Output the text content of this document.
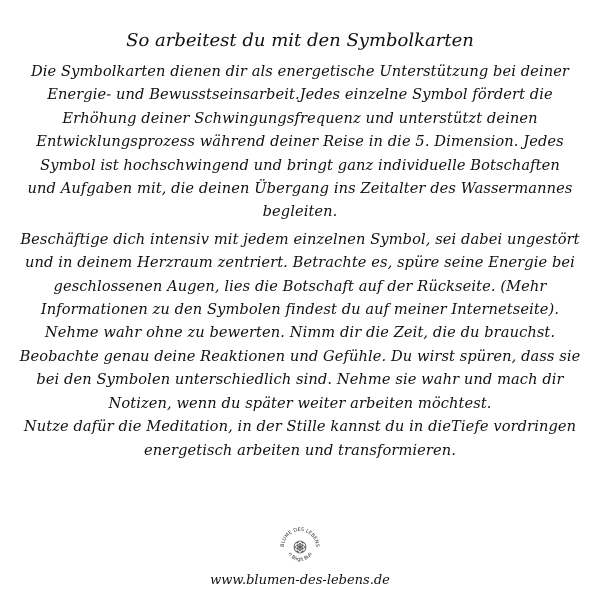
So arbeitest du mit den Symbolkarten
Die Symbolkarten dienen dir als energetische Unterstützung bei deiner
Energie- und Bewusstseinsarbeit.Jedes einzelne Symbol fördert die
Erhöhung deiner Schwingungsfrequenz und unterstützt deinen
Entwicklungsprozess während deiner Reise in die 5. Dimension. Jedes
Symbol ist hochschwingend und bringt ganz individuelle Botschaften
und Aufgaben mit, die deinen Übergang ins Zeitalter des Wassermannes
begleiten.
Beschäftige dich intensiv mit jedem einzelnen Symbol, sei dabei ungestört
und in deinem Herzraum zentriert. Betrachte es, spüre seine Energie bei
geschlossenen Augen, lies die Botschaft auf der Rückseite. (Mehr
Informationen zu den Symbolen findest du auf meiner Internetseite).
Nehme wahr ohne zu bewerten. Nimm dir die Zeit, die du brauchst.
Beobachte genau deine Reaktionen und Gefühle. Du wirst spüren, dass sie
bei den Symbolen unterschiedlich sind. Nehme sie wahr und mach dir
Notizen, wenn du später weiter arbeiten möchtest.
Nutze dafür die Meditation, in der Stille kannst du in dieTiefe vordringen
energetisch arbeiten und transformieren.
BLUME DES LEBENS
n Birgit Bus
www.blumen-des-lebens.de
